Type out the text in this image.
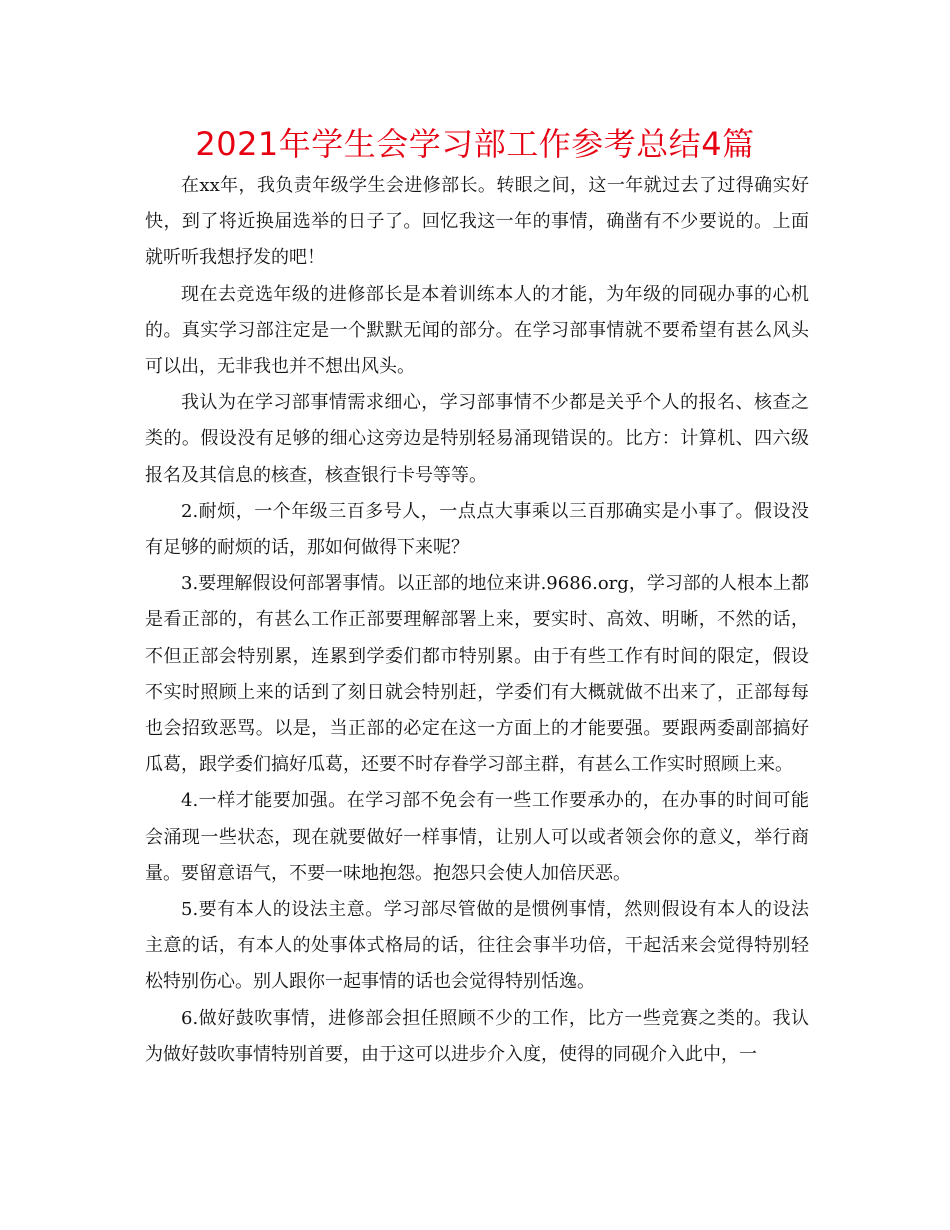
2021年学生会学习部工作参考总结4篇

在xx年，我负责年级学生会进修部长。转眼之间，这一年就过去了过得确实好快，到了将近换届选举的日子了。回忆我这一年的事情，确凿有不少要说的。上面就听听我想抒发的吧！

现在去竞选年级的进修部长是本着训练本人的才能，为年级的同砚办事的心机的。真实学习部注定是一个默默无闻的部分。在学习部事情就不要希望有甚么风头可以出，无非我也并不想出风头。

我认为在学习部事情需求细心，学习部事情不少都是关乎个人的报名、核查之类的。假设没有足够的细心这旁边是特别轻易涌现错误的。比方：计算机、四六级报名及其信息的核查，核查银行卡号等等。

2.耐烦，一个年级三百多号人，一点点大事乘以三百那确实是小事了。假设没有足够的耐烦的话，那如何做得下来呢？

3.要理解假设何部署事情。以正部的地位来讲.9686.org，学习部的人根本上都是看正部的，有甚么工作正部要理解部署上来，要实时、高效、明晰，不然的话，不但正部会特别累，连累到学委们都市特别累。由于有些工作有时间的限定，假设不实时照顾上来的话到了刻日就会特别赶，学委们有大概就做不出来了，正部每每也会招致恶骂。以是，当正部的必定在这一方面上的才能要强。要跟两委副部搞好瓜葛，跟学委们搞好瓜葛，还要不时存眷学习部主群，有甚么工作实时照顾上来。

4.一样才能要加强。在学习部不免会有一些工作要承办的，在办事的时间可能会涌现一些状态，现在就要做好一样事情，让别人可以或者领会你的意义，举行商量。要留意语气，不要一味地抱怨。抱怨只会使人加倍厌恶。

5.要有本人的设法主意。学习部尽管做的是惯例事情，然则假设有本人的设法主意的话，有本人的处事体式格局的话，往往会事半功倍，干起活来会觉得特别轻松特别伤心。别人跟你一起事情的话也会觉得特别恬逸。

6.做好鼓吹事情，进修部会担任照顾不少的工作，比方一些竞赛之类的。我认为做好鼓吹事情特别首要，由于这可以进步介入度，使得的同砚介入此中，一
